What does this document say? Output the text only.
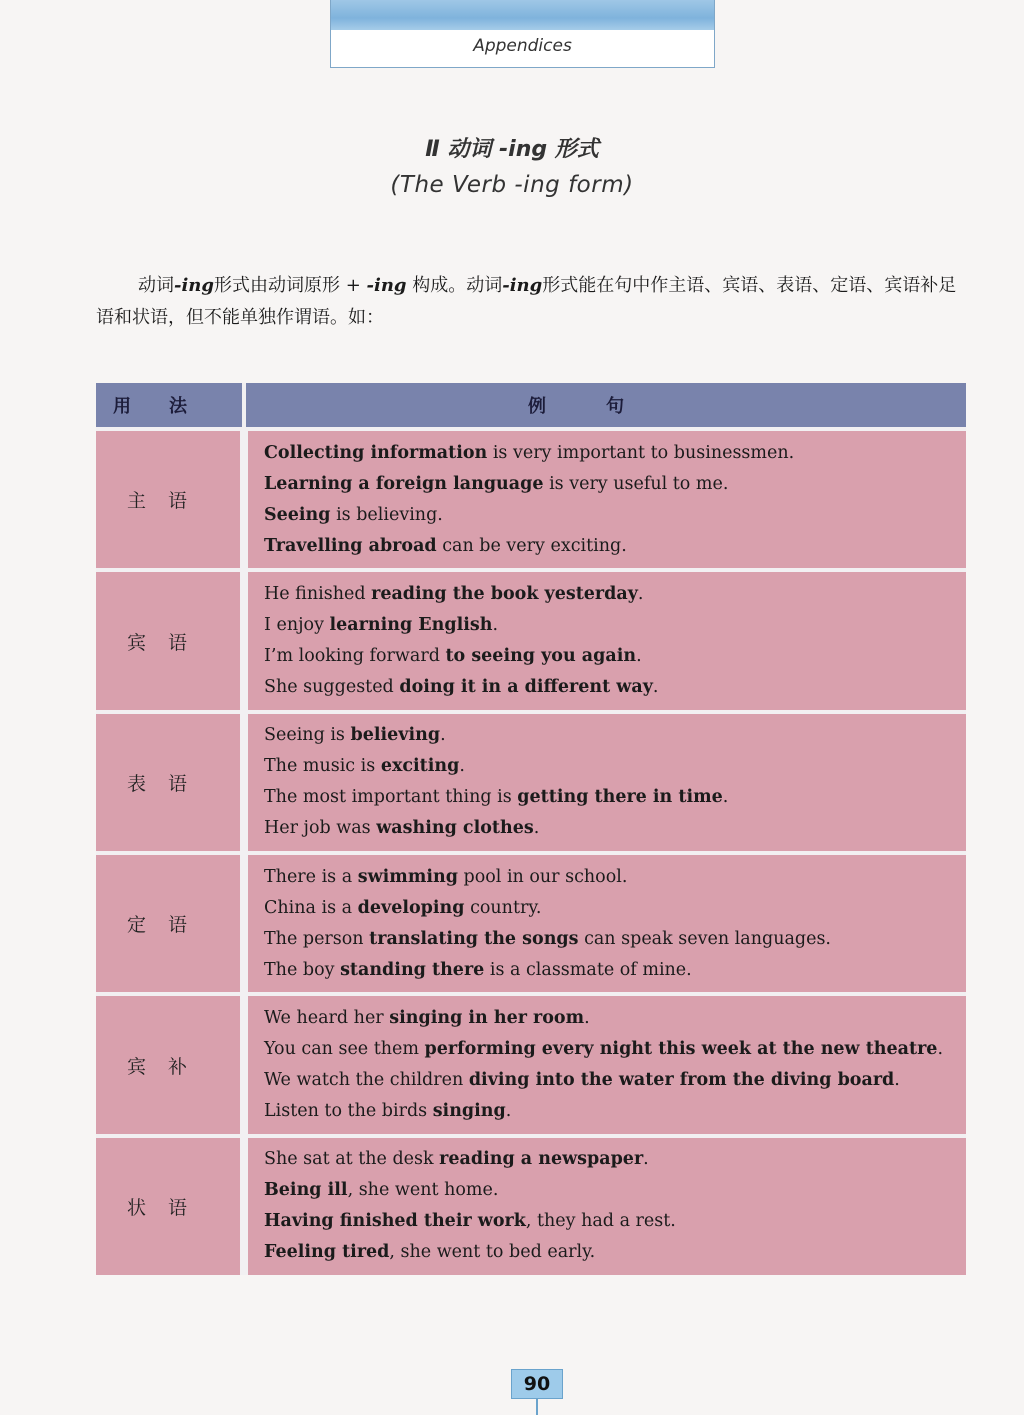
Appendices
Ⅱ 动词 -ing 形式
(The Verb -ing form)
动词-ing形式由动词原形 + -ing 构成。动词-ing形式能在句中作主语、宾语、表语、定语、宾语补足语和状语，但不能单独作谓语。如：
用法	例句
主语	Collecting information is very important to businessmen.
Learning a foreign language is very useful to me.
Seeing is believing.
Travelling abroad can be very exciting.

宾语	He finished reading the book yesterday.
I enjoy learning English.
I’m looking forward to seeing you again.
She suggested doing it in a different way.

表语	Seeing is believing.
The music is exciting.
The most important thing is getting there in time.
Her job was washing clothes.

定语	There is a swimming pool in our school.
China is a developing country.
The person translating the songs can speak seven languages.
The boy standing there is a classmate of mine.

宾补	We heard her singing in her room.
You can see them performing every night this week at the new theatre.
We watch the children diving into the water from the diving board.
Listen to the birds singing.

状语	She sat at the desk reading a newspaper.
Being ill, she went home.
Having finished their work, they had a rest.
Feeling tired, she went to bed early.
90
